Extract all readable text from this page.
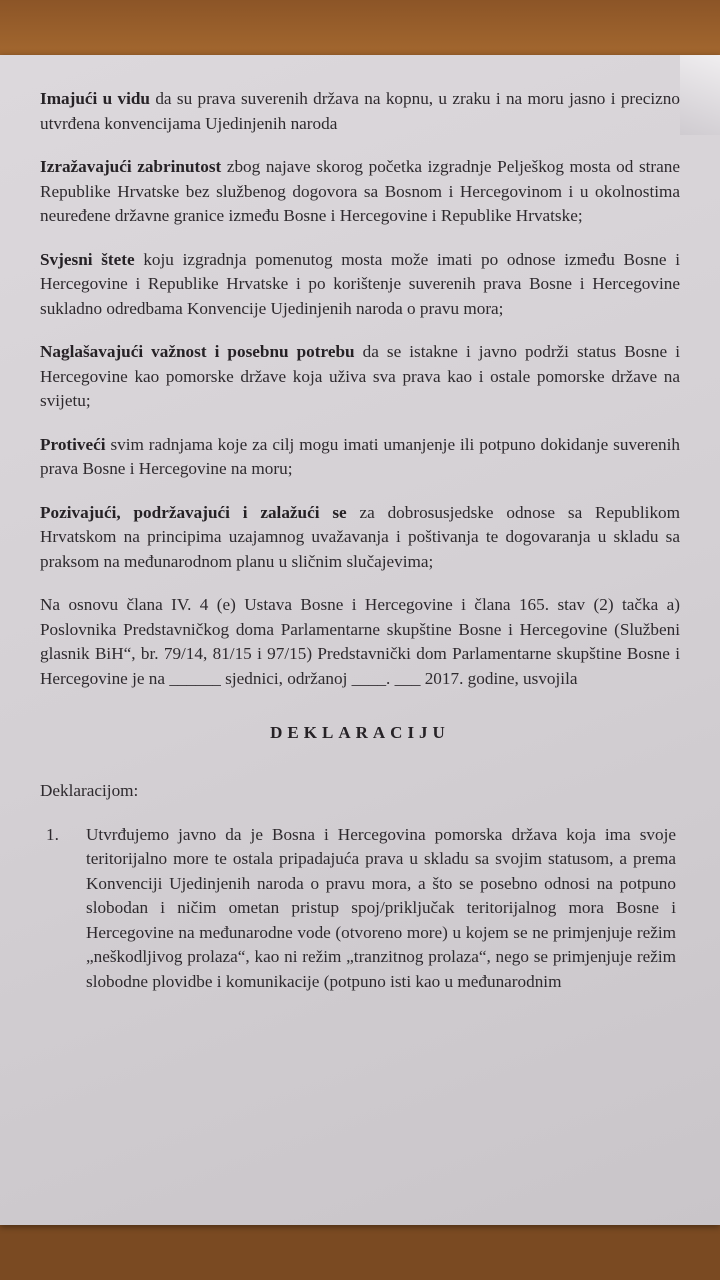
Imajući u vidu da su prava suverenih država na kopnu, u zraku i na moru jasno i precizno utvrđena konvencijama Ujedinjenih naroda
Izražavajući zabrinutost zbog najave skorog početka izgradnje Pelješkog mosta od strane Republike Hrvatske bez službenog dogovora sa Bosnom i Hercegovinom i u okolnostima neuređene državne granice između Bosne i Hercegovine i Republike Hrvatske;
Svjesni štete koju izgradnja pomenutog mosta može imati po odnose između Bosne i Hercegovine i Republike Hrvatske i po korištenje suverenih prava Bosne i Hercegovine sukladno odredbama Konvencije Ujedinjenih naroda o pravu mora;
Naglašavajući važnost i posebnu potrebu da se istakne i javno podrži status Bosne i Hercegovine kao pomorske države koja uživa sva prava kao i ostale pomorske države na svijetu;
Protiveći svim radnjama koje za cilj mogu imati umanjenje ili potpuno dokidanje suverenih prava Bosne i Hercegovine na moru;
Pozivajući, podržavajući i zalažući se za dobrosusjedske odnose sa Republikom Hrvatskom na principima uzajamnog uvažavanja i poštivanja te dogovaranja u skladu sa praksom na međunarodnom planu u sličnim slučajevima;
Na osnovu člana IV. 4 (e) Ustava Bosne i Hercegovine i člana 165. stav (2) tačka a) Poslovnika Predstavničkog doma Parlamentarne skupštine Bosne i Hercegovine (Službeni glasnik BiH“, br. 79/14, 81/15 i 97/15) Predstavnički dom Parlamentarne skupštine Bosne i Hercegovine je na ______ sjednici, održanoj ____. ___ 2017. godine, usvojila
DEKLARACIJU
Deklaracijom:
1.	Utvrđujemo javno da je Bosna i Hercegovina pomorska država koja ima svoje teritorijalno more te ostala pripadajuća prava u skladu sa svojim statusom, a prema Konvenciji Ujedinjenih naroda o pravu mora, a što se posebno odnosi na potpuno slobodan i ničim ometan pristup spoj/priključak teritorijalnog mora Bosne i Hercegovine na međunarodne vode (otvoreno more) u kojem se ne primjenjuje režim „neškodljivog prolaza“, kao ni režim „tranzitnog prolaza“, nego se primjenjuje režim slobodne plovidbe i komunikacije (potpuno isti kao u međunarodnim
